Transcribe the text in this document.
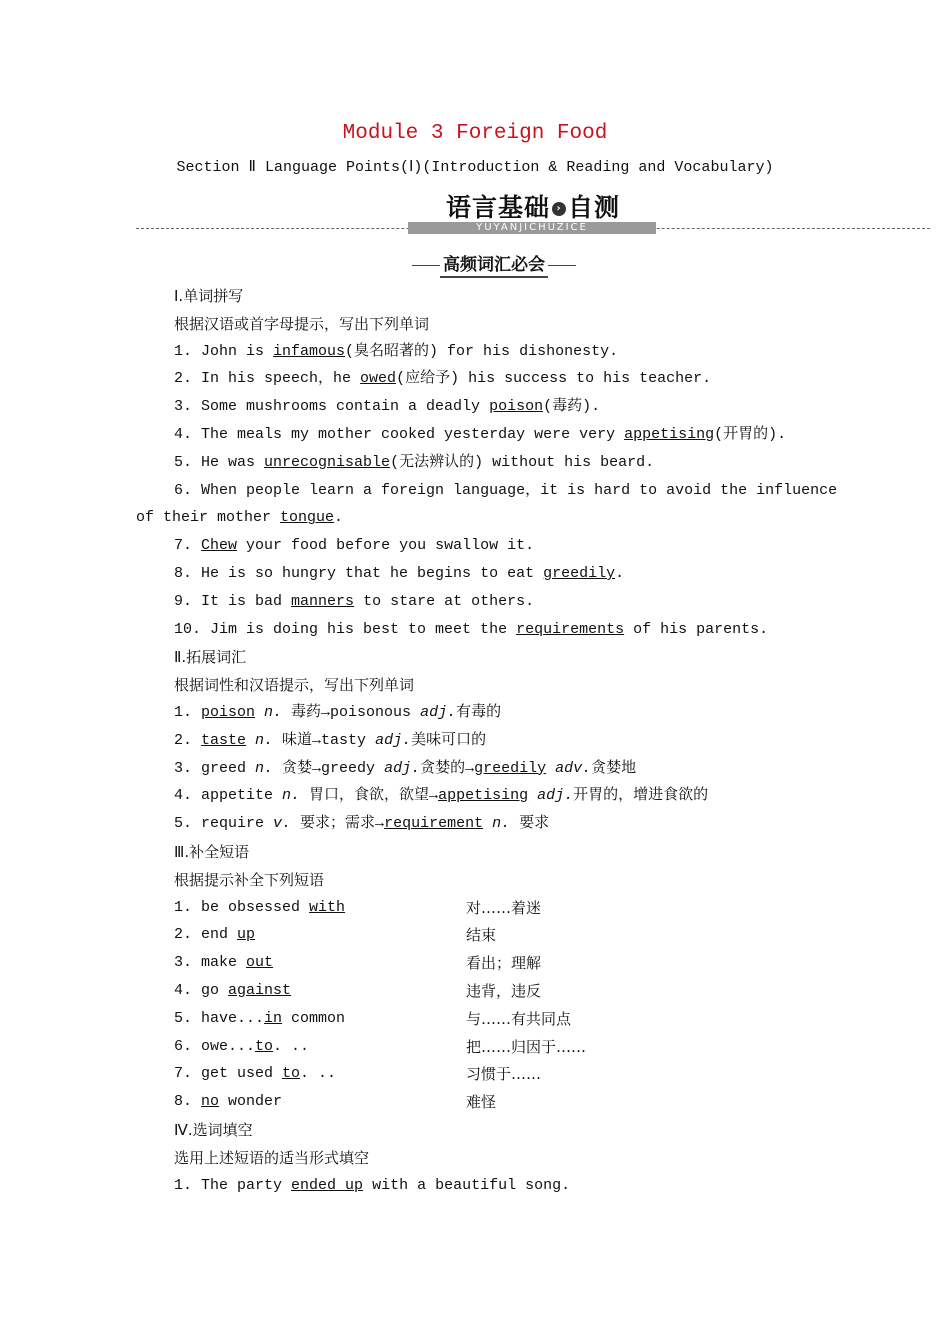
Module 3 Foreign Food
Section Ⅱ Language Points(Ⅰ)(Introduction & Reading and Vocabulary)
语言基础 › 自测
YUYANJICHUZICE
高频词汇必会
Ⅰ.单词拼写
根据汉语或首字母提示，写出下列单词
1. John is infamous(臭名昭著的) for his dishonesty.
2. In his speech，he owed(应给予) his success to his teacher.
3. Some mushrooms contain a deadly poison(毒药).
4. The meals my mother cooked yesterday were very appetising(开胃的).
5. He was unrecognisable(无法辨认的) without his beard.
6. When people learn a foreign language，it is hard to avoid the influence
of their mother tongue.
7. Chew your food before you swallow it.
8. He is so hungry that he begins to eat greedily.
9. It is bad manners to stare at others.
10. Jim is doing his best to meet the requirements of his parents.
Ⅱ.拓展词汇
根据词性和汉语提示，写出下列单词
1. poison n. 毒药→poisonous adj.有毒的
2. taste n. 味道→tasty adj.美味可口的
3. greed n. 贪婪→greedy adj.贪婪的→greedily adv.贪婪地
4. appetite n. 胃口，食欲，欲望→appetising adj.开胃的，增进食欲的
5. require v. 要求；需求→requirement n. 要求
Ⅲ.补全短语
根据提示补全下列短语
1. be obsessed with	对……着迷
2. end up	结束
3. make out	看出；理解
4. go against	违背，违反
5. have...in common	与……有共同点
6. owe...to. ..	把……归因于……
7. get used to. ..	习惯于……
8. no wonder	难怪
Ⅳ.选词填空
选用上述短语的适当形式填空
1. The party ended up with a beautiful song.
